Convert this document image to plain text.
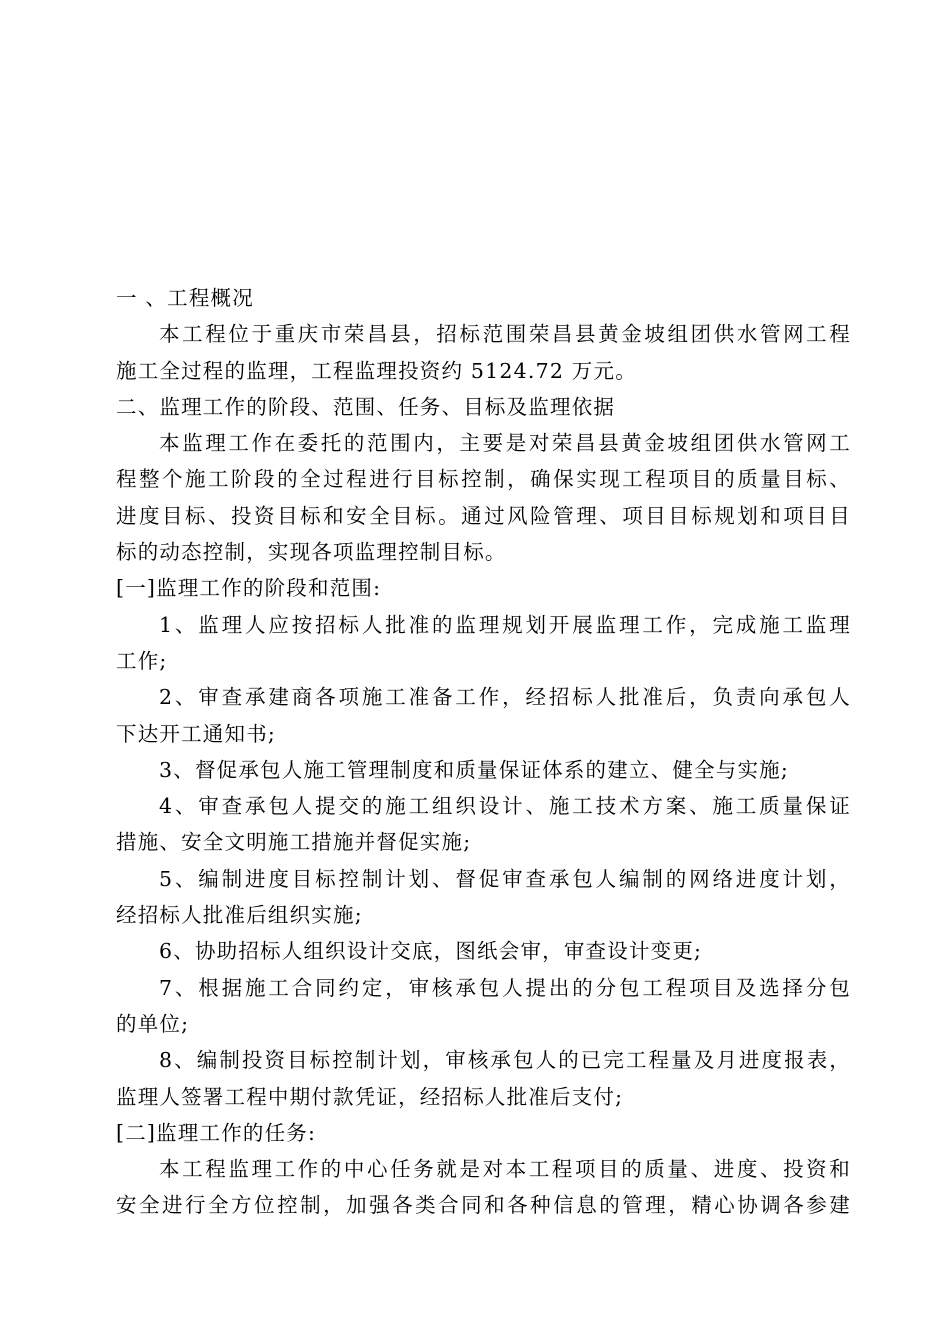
一 、工程概况
本工程位于重庆市荣昌县，招标范围荣昌县黄金坡组团供水管网工程
施工全过程的监理，工程监理投资约 5124.72 万元。
二、监理工作的阶段、范围、任务、目标及监理依据
本监理工作在委托的范围内，主要是对荣昌县黄金坡组团供水管网工
程整个施工阶段的全过程进行目标控制，确保实现工程项目的质量目标、
进度目标、投资目标和安全目标。通过风险管理、项目目标规划和项目目
标的动态控制，实现各项监理控制目标。
[一]监理工作的阶段和范围:
1、监理人应按招标人批准的监理规划开展监理工作，完成施工监理
工作;
2、审查承建商各项施工准备工作，经招标人批准后，负责向承包人
下达开工通知书;
3、督促承包人施工管理制度和质量保证体系的建立、健全与实施;
4、审查承包人提交的施工组织设计、施工技术方案、施工质量保证
措施、安全文明施工措施并督促实施;
5、编制进度目标控制计划、督促审查承包人编制的网络进度计划，
经招标人批准后组织实施;
6、协助招标人组织设计交底，图纸会审，审查设计变更;
7、根据施工合同约定，审核承包人提出的分包工程项目及选择分包
的单位;
8、编制投资目标控制计划，审核承包人的已完工程量及月进度报表，
监理人签署工程中期付款凭证，经招标人批准后支付;
[二]监理工作的任务:
本工程监理工作的中心任务就是对本工程项目的质量、进度、投资和
安全进行全方位控制，加强各类合同和各种信息的管理，精心协调各参建
